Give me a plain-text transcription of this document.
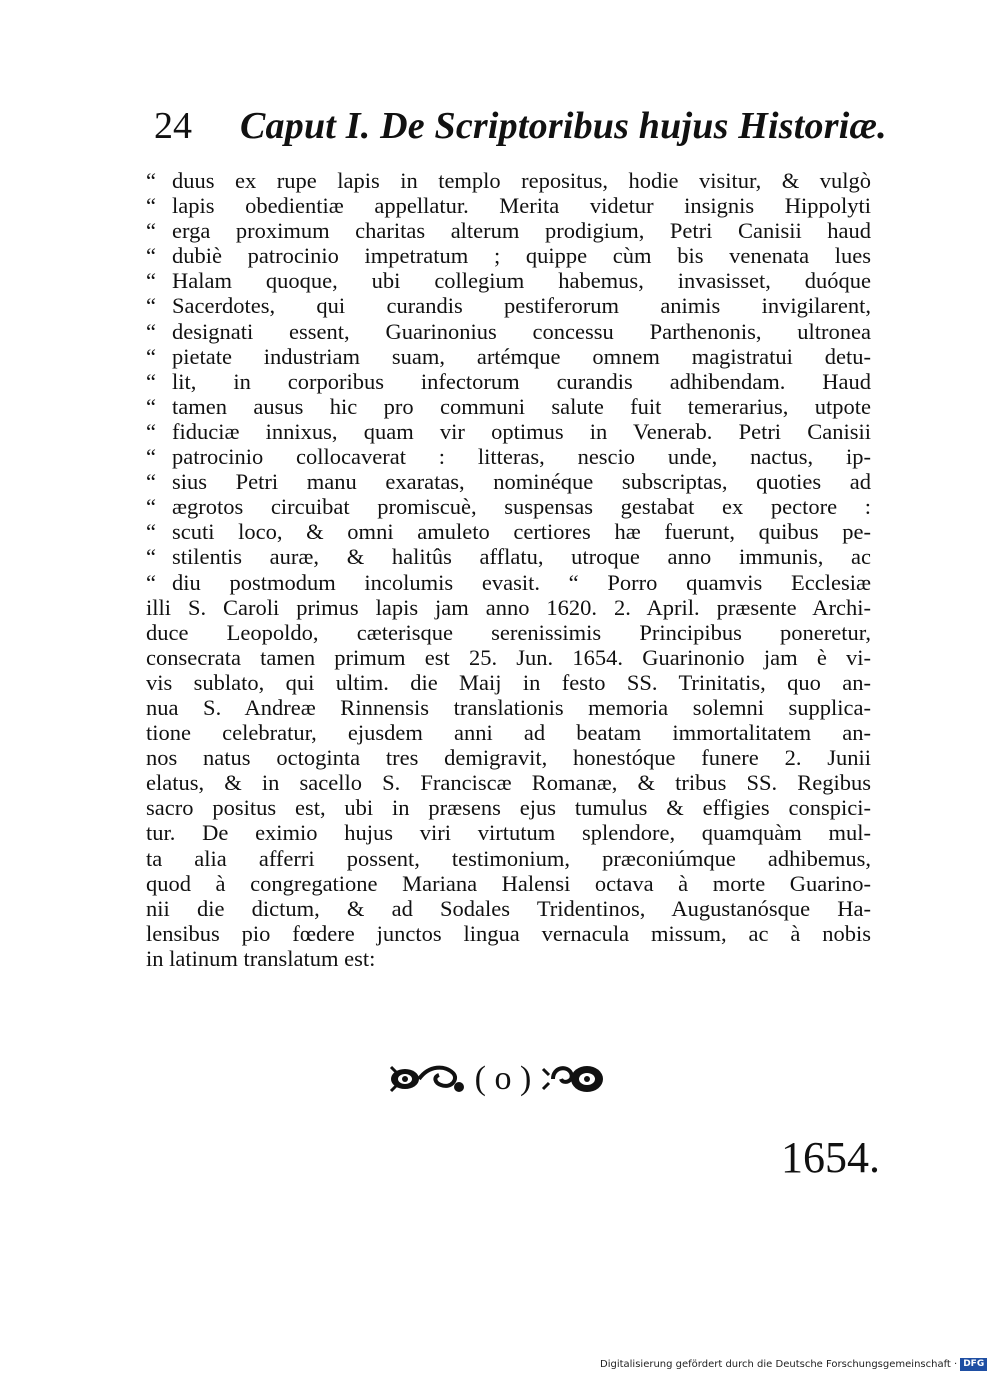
24 Caput I. De Scriptoribus hujus Historiæ.
“ duus ex rupe lapis in templo repositus, hodie visitur, & vulgò
“ lapis obedientiæ appellatur. Merita videtur insignis Hippolyti
“ erga proximum charitas alterum prodigium, Petri Canisii haud
“ dubiè patrocinio impetratum ; quippe cùm bis venenata lues
“ Halam quoque, ubi collegium habemus, invasisset, duóque
“ Sacerdotes, qui curandis pestiferorum animis invigilarent,
“ designati essent, Guarinonius concessu Parthenonis, ultronea
“ pietate industriam suam, artémque omnem magistratui detu-
“ lit, in corporibus infectorum curandis adhibendam. Haud
“ tamen ausus hic pro communi salute fuit temerarius, utpote
“ fiduciæ innixus, quam vir optimus in Venerab. Petri Canisii
“ patrocinio collocaverat : litteras, nescio unde, nactus, ip-
“ sius Petri manu exaratas, nominéque subscriptas, quoties ad
“ ægrotos circuibat promiscuè, suspensas gestabat ex pectore :
“ scuti loco, & omni amuleto certiores hæ fuerunt, quibus pe-
“ stilentis auræ, & halitûs afflatu, utroque anno immunis, ac
“ diu postmodum incolumis evasit. “ Porro quamvis Ecclesiæ
illi S. Caroli primus lapis jam anno 1620. 2. April. præsente Archi-
duce Leopoldo, cæterisque serenissimis Principibus poneretur,
consecrata tamen primum est 25. Jun. 1654. Guarinonio jam è vi-
vis sublato, qui ultim. die Maij in festo SS. Trinitatis, quo an-
nua S. Andreæ Rinnensis translationis memoria solemni supplica-
tione celebratur, ejusdem anni ad beatam immortalitatem an-
nos natus octoginta tres demigravit, honestóque funere 2. Junii
elatus, & in sacello S. Franciscæ Romanæ, & tribus SS. Regibus
sacro positus est, ubi in præsens ejus tumulus & effigies conspici-
tur. De eximio hujus viri virtutum splendore, quamquàm mul-
ta alia afferri possent, testimonium, præconiúmque adhibemus,
quod à congregatione Mariana Halensi octava à morte Guarino-
nii die dictum, & ad Sodales Tridentinos, Augustanósque Ha-
lensibus pio fœdere junctos lingua vernacula missum, ac à nobis
in latinum translatum est:
( o )
1654.
Digitalisierung gefördert durch die Deutsche Forschungsgemeinschaft · DFG
